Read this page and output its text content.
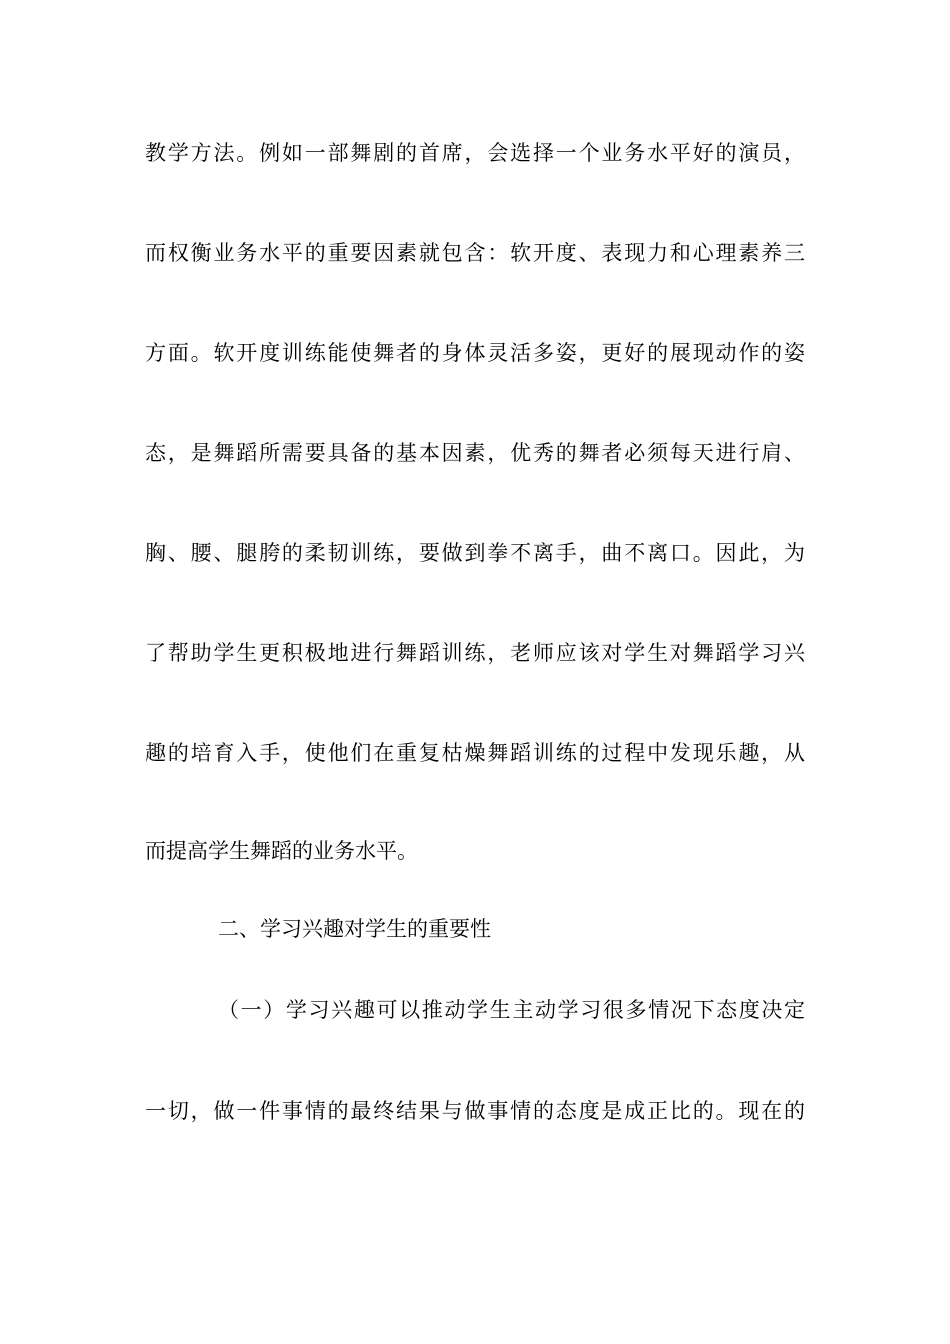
教学方法。例如一部舞剧的首席，会选择一个业务水平好的演员，
而权衡业务水平的重要因素就包含：软开度、表现力和心理素养三
方面。软开度训练能使舞者的身体灵活多姿，更好的展现动作的姿
态，是舞蹈所需要具备的基本因素，优秀的舞者必须每天进行肩、
胸、腰、腿胯的柔韧训练，要做到拳不离手，曲不离口。因此，为
了帮助学生更积极地进行舞蹈训练，老师应该对学生对舞蹈学习兴
趣的培育入手，使他们在重复枯燥舞蹈训练的过程中发现乐趣，从
而提高学生舞蹈的业务水平。
二、学习兴趣对学生的重要性
（一）学习兴趣可以推动学生主动学习很多情况下态度决定
一切，做一件事情的最终结果与做事情的态度是成正比的。现在的
